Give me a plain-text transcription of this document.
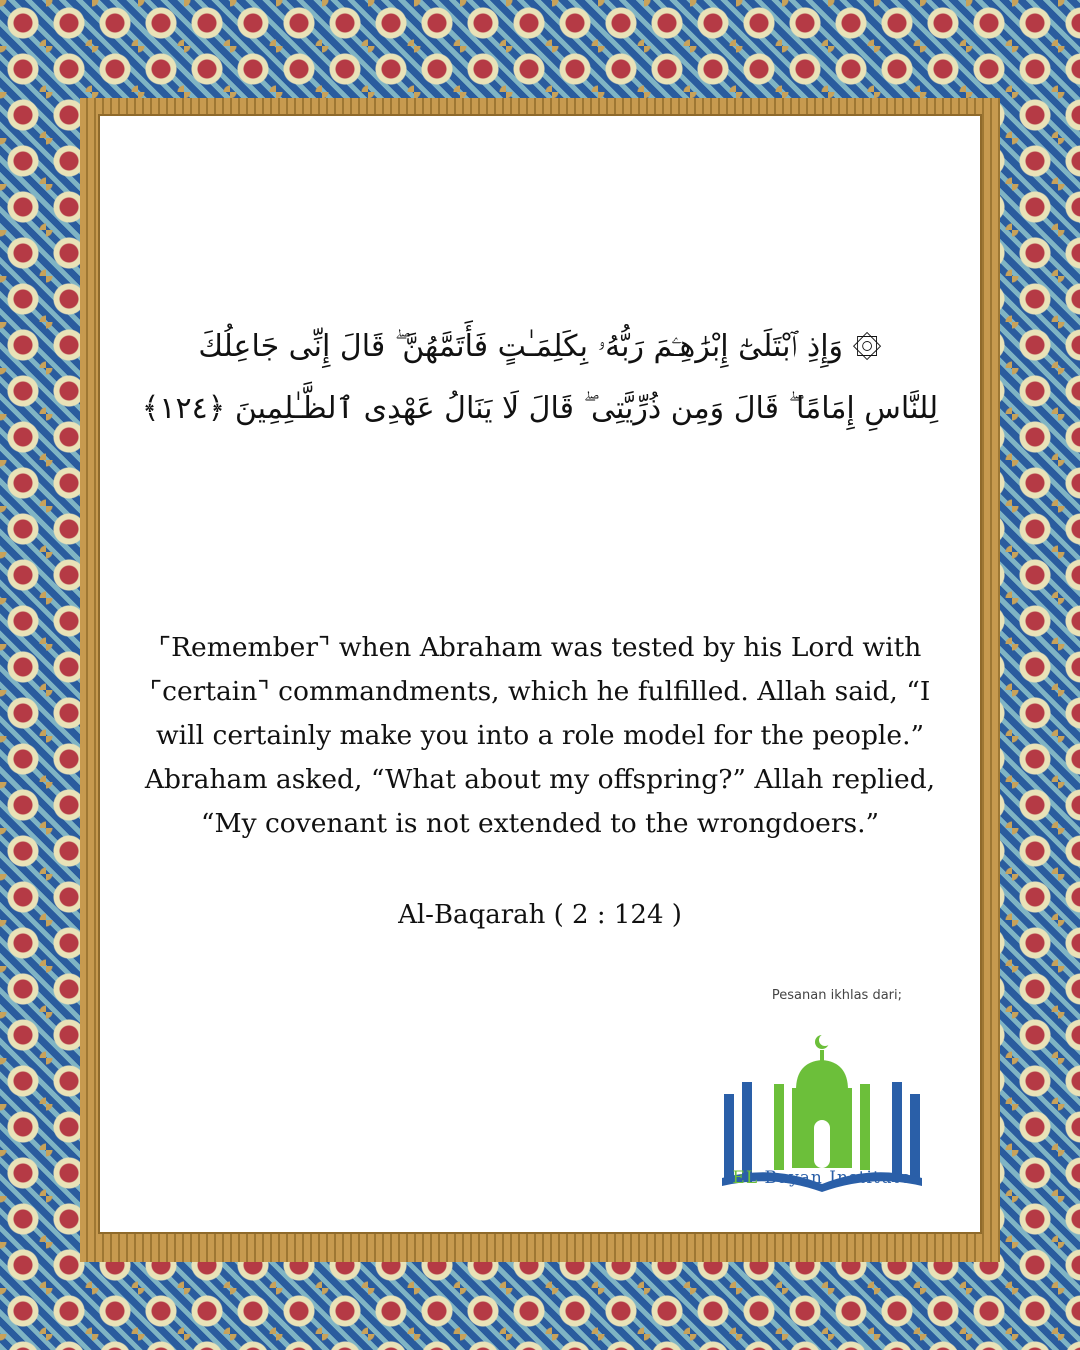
۞ وَإِذِ ٱبْتَلَىٰٓ إِبْرَٰهِـۧمَ رَبُّهُۥ بِكَلِمَـٰتٍ فَأَتَمَّهُنَّ ۖ قَالَ إِنِّى جَاعِلُكَ
لِلنَّاسِ إِمَامًا ۖ قَالَ وَمِن ذُرِّيَّتِى ۖ قَالَ لَا يَنَالُ عَهْدِى ٱلظَّـٰلِمِينَ ﴿١٢٤﴾
⌜Remember⌝ when Abraham was tested by his Lord with
⌜certain⌝ commandments, which he fulfilled. Allah said, “I
will certainly make you into a role model for the people.”
Abraham asked, “What about my offspring?” Allah replied,
“My covenant is not extended to the wrongdoers.”
Al-Baqarah ( 2 : 124 )
Pesanan ikhlas dari;
EL Bayan Institute
